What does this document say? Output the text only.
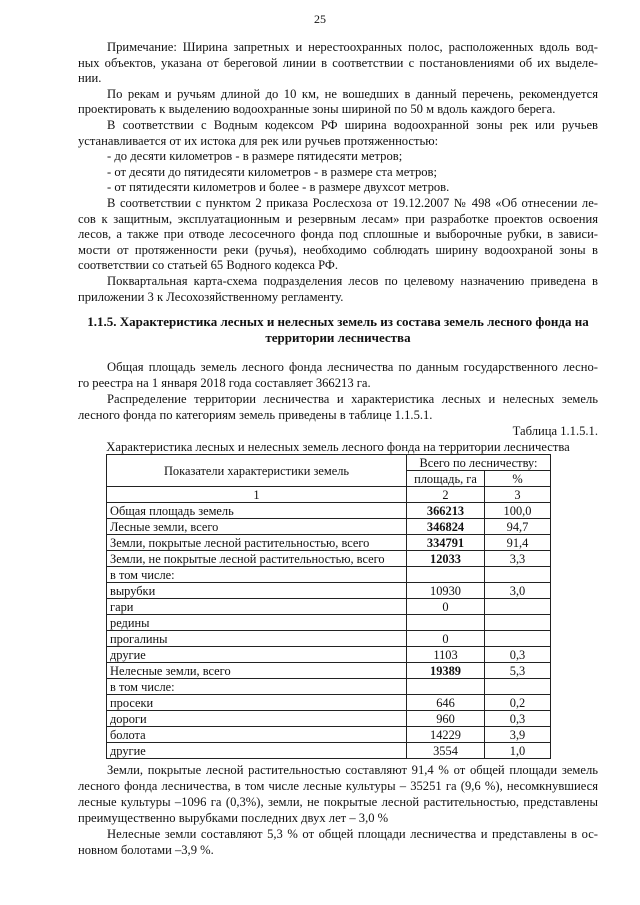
25
Примечание: Ширина запретных и нерестоохранных полос, расположенных вдоль вод-
ных объектов, указана от береговой линии в соответствии с постановлениями об их выделе-
нии.
По рекам и ручьям длиной до 10 км, не вошедших в данный перечень, рекомендуется
проектировать к выделению водоохранные зоны шириной по 50 м вдоль каждого берега.
В соответствии с Водным кодексом РФ ширина водоохранной зоны рек или ручьев
устанавливается от их истока для рек или ручьев протяженностью:
- до десяти километров - в размере пятидесяти метров;
- от десяти до пятидесяти километров - в размере ста метров;
- от пятидесяти километров и более - в размере двухсот метров.
В соответствии с пунктом 2 приказа Рослесхоза от 19.12.2007 № 498 «Об отнесении ле-
сов к защитным, эксплуатационным и резервным лесам» при разработке проектов освоения
лесов, а также при отводе лесосечного фонда под сплошные и выборочные рубки, в зависи-
мости от протяженности реки (ручья), необходимо соблюдать ширину водоохраной зоны в
соответствии со статьей 65 Водного кодекса РФ.
Поквартальная карта-схема подразделения лесов по целевому назначению приведена в
приложении 3 к Лесохозяйственному регламенту.
1.1.5. Характеристика лесных и нелесных земель из состава земель лесного фонда на
территории лесничества
Общая площадь земель лесного фонда лесничества по данным государственного лесно-
го реестра на 1 января 2018 года составляет 366213 га.
Распределение территории лесничества и характеристика лесных и нелесных земель
лесного фонда по категориям земель приведены в таблице 1.1.5.1.
Таблица 1.1.5.1.
Характеристика лесных и нелесных земель лесного фонда на территории лесничества
Показатели характеристики земель	Всего по лесничеству:	
	площадь, га	%
1	2	3
Общая площадь земель	366213	100,0
Лесные земли, всего	346824	94,7
Земли, покрытые лесной растительностью, всего	334791	91,4
Земли, не покрытые лесной растительностью, всего	12033	3,3
в том числе:		
вырубки	10930	3,0
гари	0	
редины		
прогалины	0	
другие	1103	0,3
Нелесные земли, всего	19389	5,3
в том числе:		
просеки	646	0,2
дороги	960	0,3
болота	14229	3,9
другие	3554	1,0
Земли, покрытые лесной растительностью составляют 91,4 % от общей площади земель
лесного фонда лесничества, в том числе лесные культуры – 35251 га (9,6 %), несомкнувшиеся
лесные культуры –1096 га (0,3%), земли, не покрытые лесной растительностью, представлены
преимущественно вырубками последних двух лет – 3,0 %
Нелесные земли составляют 5,3 % от общей площади лесничества и представлены в ос-
новном болотами –3,9 %.
